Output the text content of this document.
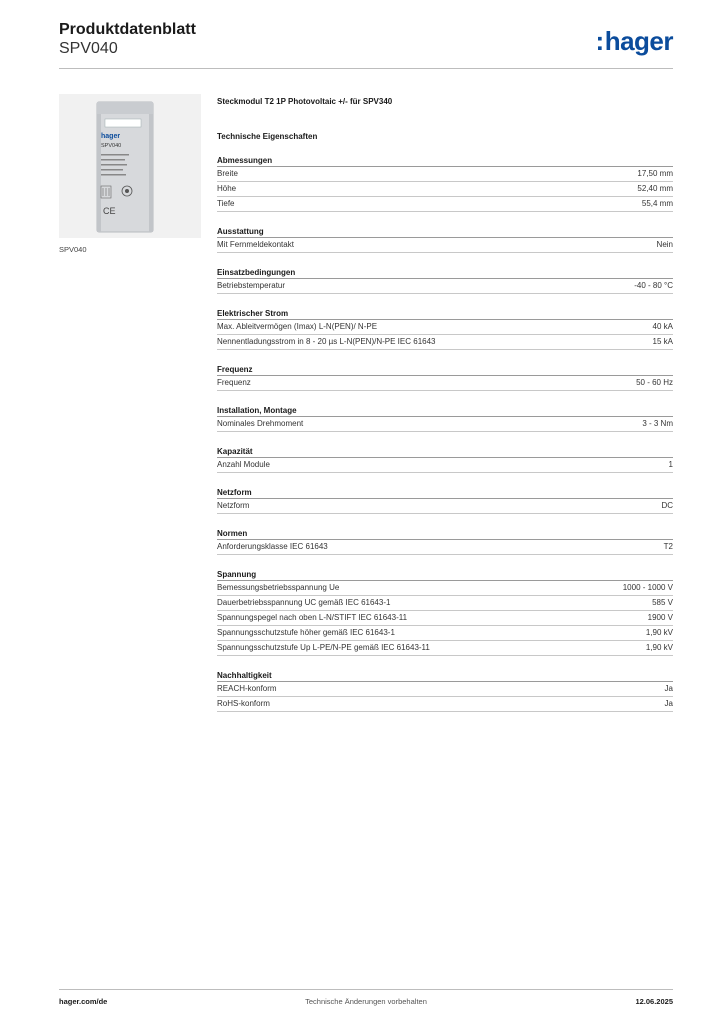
Produktdatenblatt
SPV040	:hager
hager
SPV040
CE
SPV040
Steckmodul T2 1P Photovoltaic +/- für SPV340
Technische Eigenschaften
Abmessungen
Breite	17,50 mm
Höhe	52,40 mm
Tiefe	55,4 mm
Ausstattung
Mit Fernmeldekontakt	Nein
Einsatzbedingungen
Betriebstemperatur	-40 - 80 °C
Elektrischer Strom
Max. Ableitvermögen (Imax) L-N(PEN)/ N-PE	40 kA
Nennentladungsstrom in 8 - 20 µs L-N(PEN)/N-PE IEC 61643	15 kA
Frequenz
Frequenz	50 - 60 Hz
Installation, Montage
Nominales Drehmoment	3 - 3 Nm
Kapazität
Anzahl Module	1
Netzform
Netzform	DC
Normen
Anforderungsklasse IEC 61643	T2
Spannung
Bemessungsbetriebsspannung Ue	1000 - 1000 V
Dauerbetriebsspannung UC gemäß IEC 61643-1	585 V
Spannungspegel nach oben L-N/STIFT IEC 61643-11	1900 V
Spannungsschutzstufe höher gemäß IEC 61643-1	1,90 kV
Spannungsschutzstufe Up L-PE/N-PE gemäß IEC 61643-11	1,90 kV
Nachhaltigkeit
REACH-konform	Ja
RoHS-konform	Ja
hager.com/de	Technische Änderungen vorbehalten	12.06.2025
